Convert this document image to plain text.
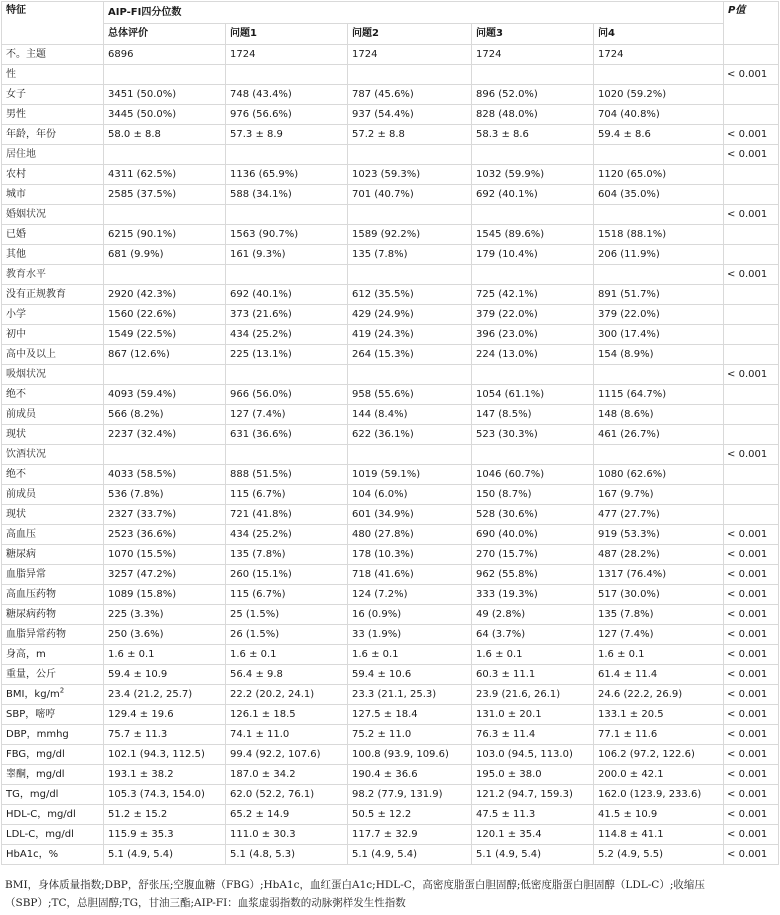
特征	AIP-FI四分位数					P值
	总体评价	问题1	问题2	问题3	问4	
不。主题	6896	1724	1724	1724	1724	
性						< 0.001
女子	3451 (50.0%)	748 (43.4%)	787 (45.6%)	896 (52.0%)	1020 (59.2%)	
男性	3445 (50.0%)	976 (56.6%)	937 (54.4%)	828 (48.0%)	704 (40.8%)	
年龄，年份	58.0 ± 8.8	57.3 ± 8.9	57.2 ± 8.8	58.3 ± 8.6	59.4 ± 8.6	< 0.001
居住地						< 0.001
农村	4311 (62.5%)	1136 (65.9%)	1023 (59.3%)	1032 (59.9%)	1120 (65.0%)	
城市	2585 (37.5%)	588 (34.1%)	701 (40.7%)	692 (40.1%)	604 (35.0%)	
婚姻状况						< 0.001
已婚	6215 (90.1%)	1563 (90.7%)	1589 (92.2%)	1545 (89.6%)	1518 (88.1%)	
其他	681 (9.9%)	161 (9.3%)	135 (7.8%)	179 (10.4%)	206 (11.9%)	
教育水平						< 0.001
没有正规教育	2920 (42.3%)	692 (40.1%)	612 (35.5%)	725 (42.1%)	891 (51.7%)	
小学	1560 (22.6%)	373 (21.6%)	429 (24.9%)	379 (22.0%)	379 (22.0%)	
初中	1549 (22.5%)	434 (25.2%)	419 (24.3%)	396 (23.0%)	300 (17.4%)	
高中及以上	867 (12.6%)	225 (13.1%)	264 (15.3%)	224 (13.0%)	154 (8.9%)	
吸烟状况						< 0.001
绝不	4093 (59.4%)	966 (56.0%)	958 (55.6%)	1054 (61.1%)	1115 (64.7%)	
前成员	566 (8.2%)	127 (7.4%)	144 (8.4%)	147 (8.5%)	148 (8.6%)	
现状	2237 (32.4%)	631 (36.6%)	622 (36.1%)	523 (30.3%)	461 (26.7%)	
饮酒状况						< 0.001
绝不	4033 (58.5%)	888 (51.5%)	1019 (59.1%)	1046 (60.7%)	1080 (62.6%)	
前成员	536 (7.8%)	115 (6.7%)	104 (6.0%)	150 (8.7%)	167 (9.7%)	
现状	2327 (33.7%)	721 (41.8%)	601 (34.9%)	528 (30.6%)	477 (27.7%)	
高血压	2523 (36.6%)	434 (25.2%)	480 (27.8%)	690 (40.0%)	919 (53.3%)	< 0.001
糖尿病	1070 (15.5%)	135 (7.8%)	178 (10.3%)	270 (15.7%)	487 (28.2%)	< 0.001
血脂异常	3257 (47.2%)	260 (15.1%)	718 (41.6%)	962 (55.8%)	1317 (76.4%)	< 0.001
高血压药物	1089 (15.8%)	115 (6.7%)	124 (7.2%)	333 (19.3%)	517 (30.0%)	< 0.001
糖尿病药物	225 (3.3%)	25 (1.5%)	16 (0.9%)	49 (2.8%)	135 (7.8%)	< 0.001
血脂异常药物	250 (3.6%)	26 (1.5%)	33 (1.9%)	64 (3.7%)	127 (7.4%)	< 0.001
身高，m	1.6 ± 0.1	1.6 ± 0.1	1.6 ± 0.1	1.6 ± 0.1	1.6 ± 0.1	< 0.001
重量，公斤	59.4 ± 10.9	56.4 ± 9.8	59.4 ± 10.6	60.3 ± 11.1	61.4 ± 11.4	< 0.001
BMI，$kg/m^2$	23.4 (21.2, 25.7)	22.2 (20.2, 24.1)	23.3 (21.1, 25.3)	23.9 (21.6, 26.1)	24.6 (22.2, 26.9)	< 0.001
SBP，嘧哼	129.4 ± 19.6	126.1 ± 18.5	127.5 ± 18.4	131.0 ± 20.1	133.1 ± 20.5	< 0.001
DBP，mmhg	75.7 ± 11.3	74.1 ± 11.0	75.2 ± 11.0	76.3 ± 11.4	77.1 ± 11.6	< 0.001
FBG，mg/dl	102.1 (94.3, 112.5)	99.4 (92.2, 107.6)	100.8 (93.9, 109.6)	103.0 (94.5, 113.0)	106.2 (97.2, 122.6)	< 0.001
睾酮，mg/dl	193.1 ± 38.2	187.0 ± 34.2	190.4 ± 36.6	195.0 ± 38.0	200.0 ± 42.1	< 0.001
TG，mg/dl	105.3 (74.3, 154.0)	62.0 (52.2, 76.1)	98.2 (77.9, 131.9)	121.2 (94.7, 159.3)	162.0 (123.9, 233.6)	< 0.001
HDL-C，mg/dl	51.2 ± 15.2	65.2 ± 14.9	50.5 ± 12.2	47.5 ± 11.3	41.5 ± 10.9	< 0.001
LDL-C，mg/dl	115.9 ± 35.3	111.0 ± 30.3	117.7 ± 32.9	120.1 ± 35.4	114.8 ± 41.1	< 0.001
HbA1c，%	5.1 (4.9, 5.4)	5.1 (4.8, 5.3)	5.1 (4.9, 5.4)	5.1 (4.9, 5.4)	5.2 (4.9, 5.5)	< 0.001
BMI，身体质量指数;DBP，舒张压;空腹血糖（FBG）;HbA1c，血红蛋白A1c;HDL-C，高密度脂蛋白胆固醇;低密度脂蛋白胆固醇（LDL-C）;收缩压（SBP）;TC，总胆固醇;TG，甘油三酯;AIP-FI：血浆虚弱指数的动脉粥样发生性指数
